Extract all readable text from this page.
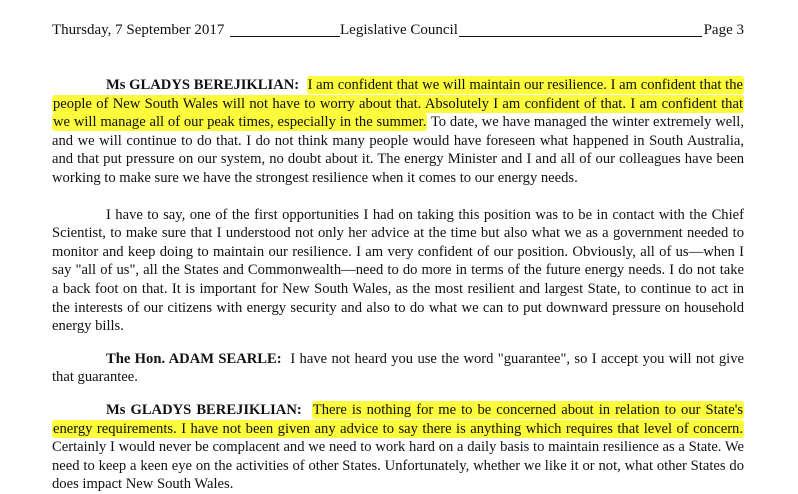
Thursday, 7 September 2017	Legislative Council	Page 3

Ms GLADYS BEREJIKLIAN: I am confident that we will maintain our resilience. I am confident that the people of New South Wales will not have to worry about that. Absolutely I am confident of that. I am confident that we will manage all of our peak times, especially in the summer. To date, we have managed the winter extremely well, and we will continue to do that. I do not think many people would have foreseen what happened in South Australia, and that put pressure on our system, no doubt about it. The energy Minister and I and all of our colleagues have been working to make sure we have the strongest resilience when it comes to our energy needs.

I have to say, one of the first opportunities I had on taking this position was to be in contact with the Chief Scientist, to make sure that I understood not only her advice at the time but also what we as a government needed to monitor and keep doing to maintain our resilience. I am very confident of our position. Obviously, all of us—when I say "all of us", all the States and Commonwealth—need to do more in terms of the future energy needs. I do not take a back foot on that. It is important for New South Wales, as the most resilient and largest State, to continue to act in the interests of our citizens with energy security and also to do what we can to put downward pressure on household energy bills.

The Hon. ADAM SEARLE: I have not heard you use the word "guarantee", so I accept you will not give that guarantee.

Ms GLADYS BEREJIKLIAN: There is nothing for me to be concerned about in relation to our State's energy requirements. I have not been given any advice to say there is anything which requires that level of concern. Certainly I would never be complacent and we need to work hard on a daily basis to maintain resilience as a State. We need to keep a keen eye on the activities of other States. Unfortunately, whether we like it or not, what other States do does impact New South Wales.
